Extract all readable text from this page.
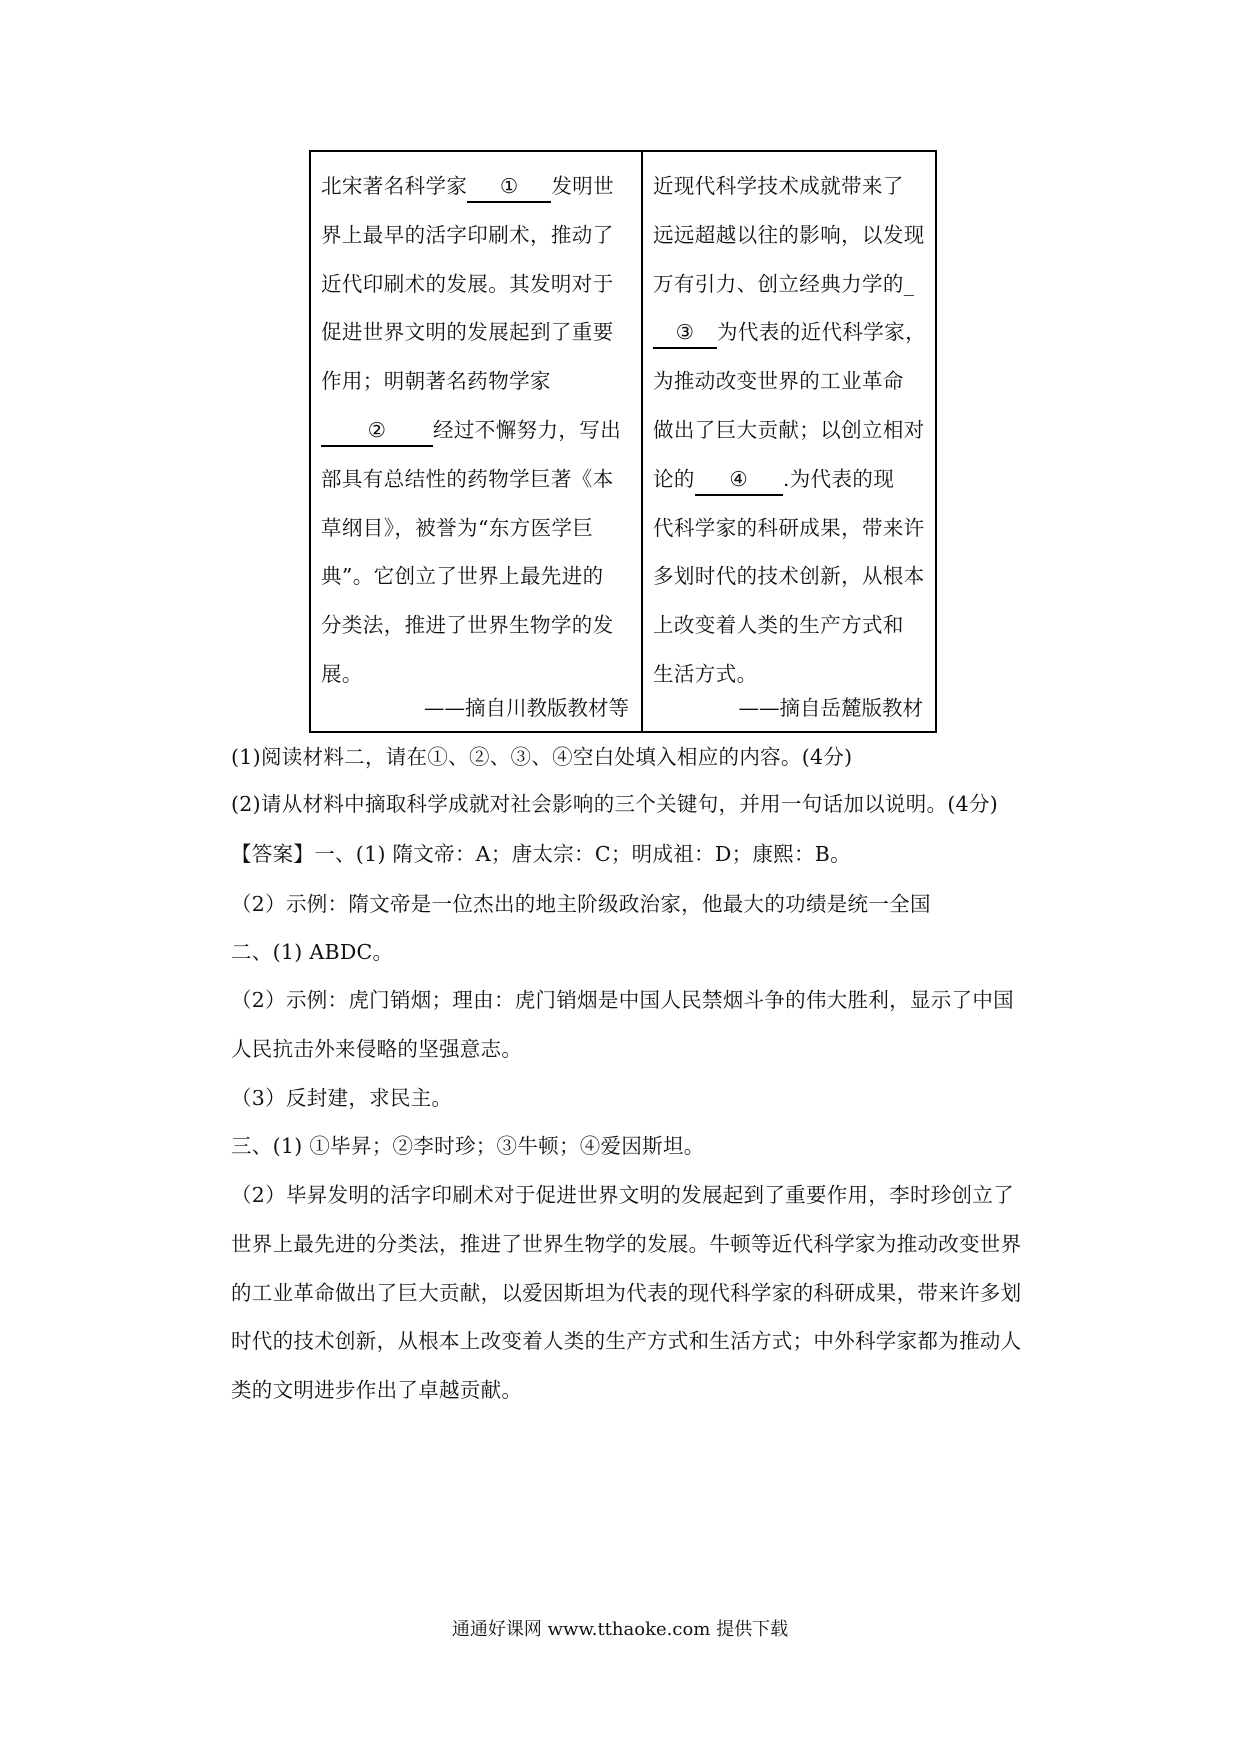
北宋著名科学家 ① 发明世
界上最早的活字印刷术，推动了
近代印刷术的发展。其发明对于
促进世界文明的发展起到了重要
作用；明朝著名药物学家
② 经过不懈努力，写出
部具有总结性的药物学巨著《本
草纲目》，被誉为“东方医学巨
典”。它创立了世界上最先进的
分类法，推进了世界生物学的发
展。
——摘自川教版教材等
近现代科学技术成就带来了
远远超越以往的影响，以发现
万有引力、创立经典力学的_
③ 为代表的近代科学家，
为推动改变世界的工业革命
做出了巨大贡献；以创立相对
论的 ④ .为代表的现
代科学家的科研成果，带来许
多划时代的技术创新，从根本
上改变着人类的生产方式和
生活方式。
——摘自岳麓版教材
(1)阅读材料二，请在①、②、③、④空白处填入相应的内容。(4分)
(2)请从材料中摘取科学成就对社会影响的三个关键句，并用一句话加以说明。(4分)
【答案】一、(1) 隋文帝：A；唐太宗：C；明成祖：D；康熙：B。
（2）示例：隋文帝是一位杰出的地主阶级政治家，他最大的功绩是统一全国
二、(1) ABDC。
（2）示例：虎门销烟；理由：虎门销烟是中国人民禁烟斗争的伟大胜利，显示了中国
人民抗击外来侵略的坚强意志。
（3）反封建，求民主。
三、(1) ①毕昇；②李时珍；③牛顿；④爱因斯坦。
（2）毕昇发明的活字印刷术对于促进世界文明的发展起到了重要作用，李时珍创立了
世界上最先进的分类法，推进了世界生物学的发展。牛顿等近代科学家为推动改变世界
的工业革命做出了巨大贡献，以爱因斯坦为代表的现代科学家的科研成果，带来许多划
时代的技术创新，从根本上改变着人类的生产方式和生活方式；中外科学家都为推动人
类的文明进步作出了卓越贡献。
通通好课网 www.tthaoke.com 提供下载
